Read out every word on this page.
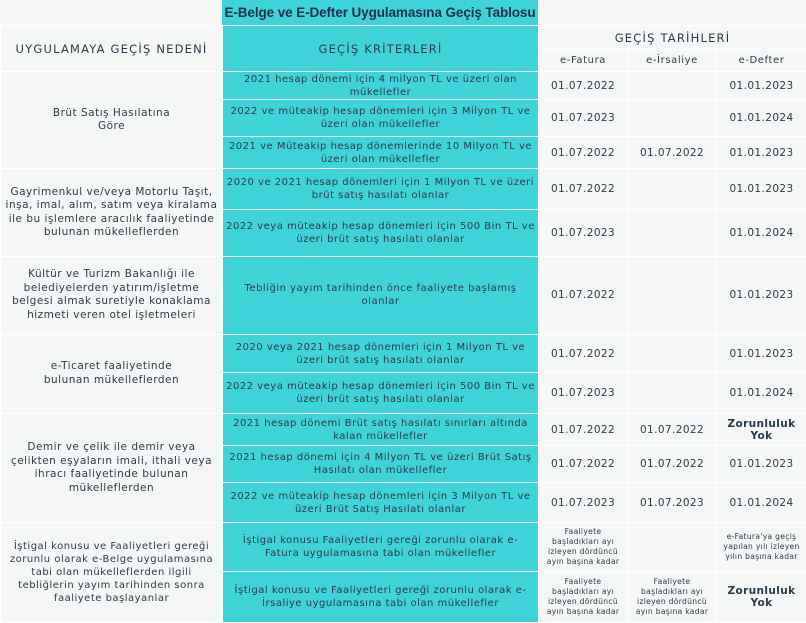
E-Belge ve E-Defter Uygulamasına Geçiş Tablosu
UYGULAMAYA GEÇİŞ NEDENİ	GEÇİŞ KRİTERLERİ	GEÇİŞ TARİHLERİ		
		e-Fatura	e-İrsaliye	e-Defter
Brüt Satış Hasılatına Göre	2021 hesap dönemi için 4 milyon TL ve üzeri olan mükellefler	01.07.2022		01.01.2023
	2022 ve müteakip hesap dönemleri için 3 Milyon TL ve üzeri olan mükellefler	01.07.2023		01.01.2024
	2021 ve Müteakip hesap dönemlerinde 10 Milyon TL ve üzeri olan mükellefler	01.07.2022	01.07.2022	01.01.2023
Gayrimenkul ve/veya Motorlu Taşıt, inşa, imal, alım, satım veya kiralama ile bu işlemlere aracılık faaliyetinde bulunan mükelleflerden	2020 ve 2021 hesap dönemleri için 1 Milyon TL ve üzeri brüt satış hasılatı olanlar	01.07.2022		01.01.2023
	2022 veya müteakip hesap dönemleri için 500 Bin TL ve üzeri brüt satış hasılatı olanlar	01.07.2023		01.01.2024
Kültür ve Turizm Bakanlığı ile belediyelerden yatırım/işletme belgesi almak suretiyle konaklama hizmeti veren otel işletmeleri	Tebliğin yayım tarihinden önce faaliyete başlamış olanlar	01.07.2022		01.01.2023
e-Ticaret faaliyetinde bulunan mükelleflerden	2020 veya 2021 hesap dönemleri için 1 Milyon TL ve üzeri brüt satış hasılatı olanlar	01.07.2022		01.01.2023
	2022 veya müteakip hesap dönemleri için 500 Bin TL ve üzeri brüt satış hasılatı olanlar	01.07.2023		01.01.2024
Demir ve çelik ile demir veya çelikten eşyaların imali, ithali veya ihracı faaliyetinde bulunan mükelleflerden	2021 hesap dönemi Brüt satış hasılatı sınırları altında kalan mükellefler	01.07.2022	01.07.2022	Zorunluluk Yok
	2021 hesap dönemi için 4 Milyon TL ve üzeri Brüt Satış Hasılatı olan mükellefler	01.07.2022	01.07.2022	01.01.2023
	2022 ve müteakip hesap dönemleri için 3 Milyon TL ve üzeri Brüt Satış Hasılatı olanlar	01.07.2023	01.07.2023	01.01.2024
İştigal konusu ve Faaliyetleri gereği zorunlu olarak e-Belge uygulamasına tabi olan mükelleflerden ilgili tebliğlerin yayım tarihinden sonra faaliyete başlayanlar	İştigal konusu Faaliyetleri gereği zorunlu olarak e-Fatura uygulamasına tabi olan mükellefler	Faaliyete başladıkları ayı izleyen dördüncü ayın başına kadar		e-Fatura'ya geçiş yapılan yılı izleyen yılın başına kadar
	İştigal konusu ve Faaliyetleri gereği zorunlu olarak e-İrsaliye uygulamasına tabi olan mükellefler	Faaliyete başladıkları ayı izleyen dördüncü ayın başına kadar	Faaliyete başladıkları ayı izleyen dördüncü ayın başına kadar	Zorunluluk Yok
